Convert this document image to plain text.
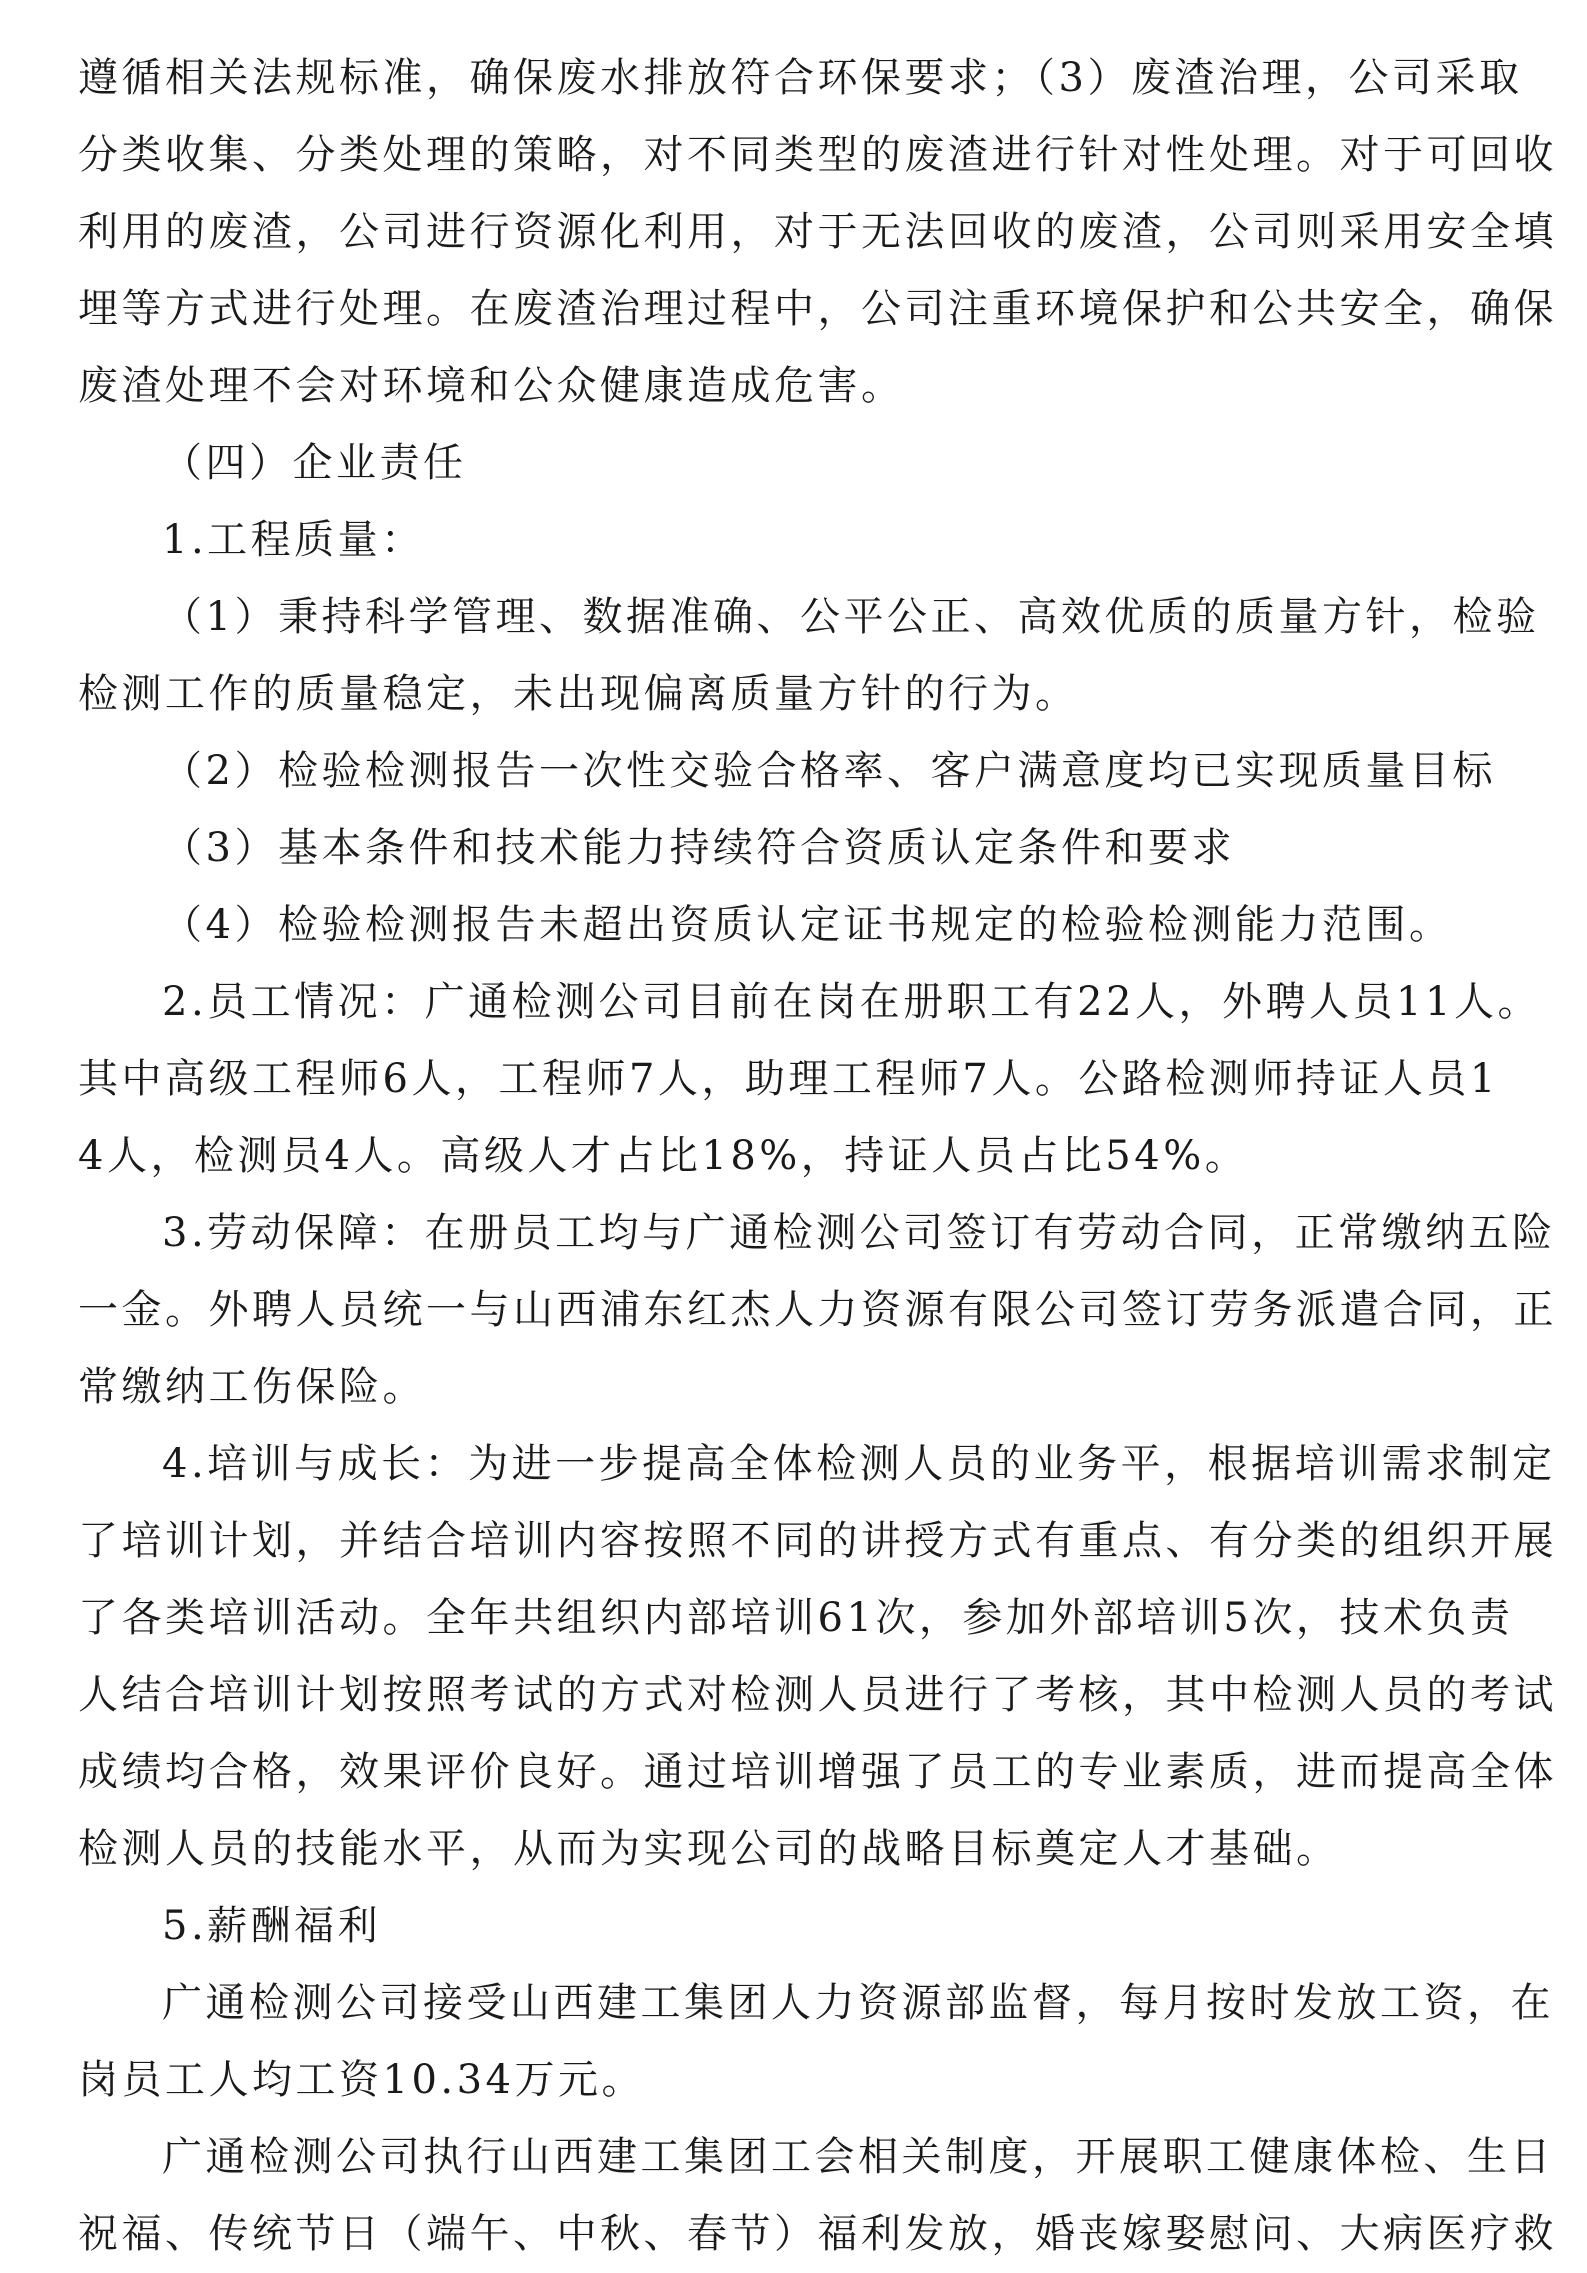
遵循相关法规标准，确保废水排放符合环保要求；（3）废渣治理，公司采取
分类收集、分类处理的策略，对不同类型的废渣进行针对性处理。对于可回收
利用的废渣，公司进行资源化利用，对于无法回收的废渣，公司则采用安全填
埋等方式进行处理。在废渣治理过程中，公司注重环境保护和公共安全，确保
废渣处理不会对环境和公众健康造成危害。
（四）企业责任
1.工程质量：
（1）秉持科学管理、数据准确、公平公正、高效优质的质量方针，检验
检测工作的质量稳定，未出现偏离质量方针的行为。
（2）检验检测报告一次性交验合格率、客户满意度均已实现质量目标
（3）基本条件和技术能力持续符合资质认定条件和要求
（4）检验检测报告未超出资质认定证书规定的检验检测能力范围。
2.员工情况：广通检测公司目前在岗在册职工有22人，外聘人员11人。
其中高级工程师6人，工程师7人，助理工程师7人。公路检测师持证人员1
4人，检测员4人。高级人才占比18%，持证人员占比54%。
3.劳动保障：在册员工均与广通检测公司签订有劳动合同，正常缴纳五险
一金。外聘人员统一与山西浦东红杰人力资源有限公司签订劳务派遣合同，正
常缴纳工伤保险。
4.培训与成长：为进一步提高全体检测人员的业务平，根据培训需求制定
了培训计划，并结合培训内容按照不同的讲授方式有重点、有分类的组织开展
了各类培训活动。全年共组织内部培训61次，参加外部培训5次，技术负责
人结合培训计划按照考试的方式对检测人员进行了考核，其中检测人员的考试
成绩均合格，效果评价良好。通过培训增强了员工的专业素质，进而提高全体
检测人员的技能水平，从而为实现公司的战略目标奠定人才基础。
5.薪酬福利
广通检测公司接受山西建工集团人力资源部监督，每月按时发放工资，在
岗员工人均工资10.34万元。
广通检测公司执行山西建工集团工会相关制度，开展职工健康体检、生日
祝福、传统节日（端午、中秋、春节）福利发放，婚丧嫁娶慰问、大病医疗救
